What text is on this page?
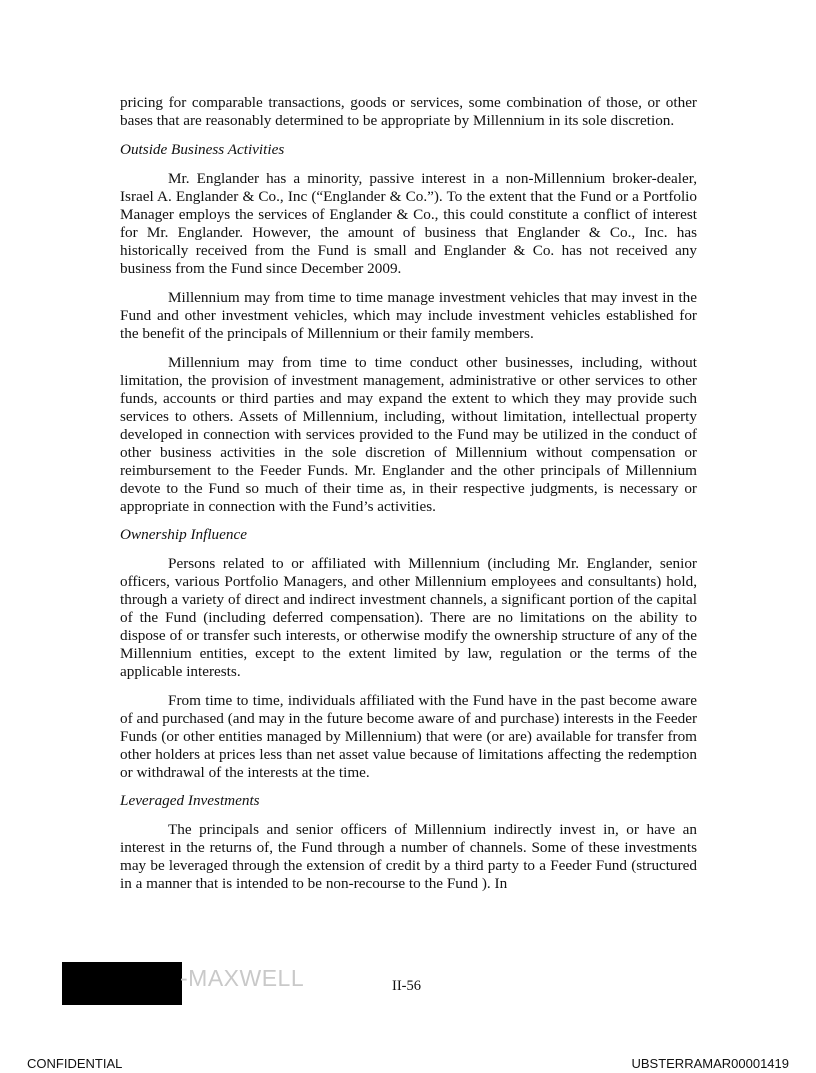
pricing for comparable transactions, goods or services, some combination of those, or other bases that are reasonably determined to be appropriate by Millennium in its sole discretion.

Outside Business Activities

Mr. Englander has a minority, passive interest in a non-Millennium broker-dealer, Israel A. Englander & Co., Inc (“Englander & Co.”). To the extent that the Fund or a Portfolio Manager employs the services of Englander & Co., this could constitute a conflict of interest for Mr. Englander. However, the amount of business that Englander & Co., Inc. has historically received from the Fund is small and Englander & Co. has not received any business from the Fund since December 2009.

Millennium may from time to time manage investment vehicles that may invest in the Fund and other investment vehicles, which may include investment vehicles established for the benefit of the principals of Millennium or their family members.

Millennium may from time to time conduct other businesses, including, without limitation, the provision of investment management, administrative or other services to other funds, accounts or third parties and may expand the extent to which they may provide such services to others. Assets of Millennium, including, without limitation, intellectual property developed in connection with services provided to the Fund may be utilized in the conduct of other business activities in the sole discretion of Millennium without compensation or reimbursement to the Feeder Funds. Mr. Englander and the other principals of Millennium devote to the Fund so much of their time as, in their respective judgments, is necessary or appropriate in connection with the Fund’s activities.

Ownership Influence

Persons related to or affiliated with Millennium (including Mr. Englander, senior officers, various Portfolio Managers, and other Millennium employees and consultants) hold, through a variety of direct and indirect investment channels, a significant portion of the capital of the Fund (including deferred compensation). There are no limitations on the ability to dispose of or transfer such interests, or otherwise modify the ownership structure of any of the Millennium entities, except to the extent limited by law, regulation or the terms of the applicable interests.

From time to time, individuals affiliated with the Fund have in the past become aware of and purchased (and may in the future become aware of and purchase) interests in the Feeder Funds (or other entities managed by Millennium) that were (or are) available for transfer from other holders at prices less than net asset value because of limitations affecting the redemption or withdrawal of the interests at the time.

Leveraged Investments

The principals and senior officers of Millennium indirectly invest in, or have an interest in the returns of, the Fund through a number of channels. Some of these investments may be leveraged through the extension of credit by a third party to a Feeder Fund (structured in a manner that is intended to be non-recourse to the Fund ). In

-MAXWELL	II-56
CONFIDENTIAL	UBSTERRAMAR00001419
